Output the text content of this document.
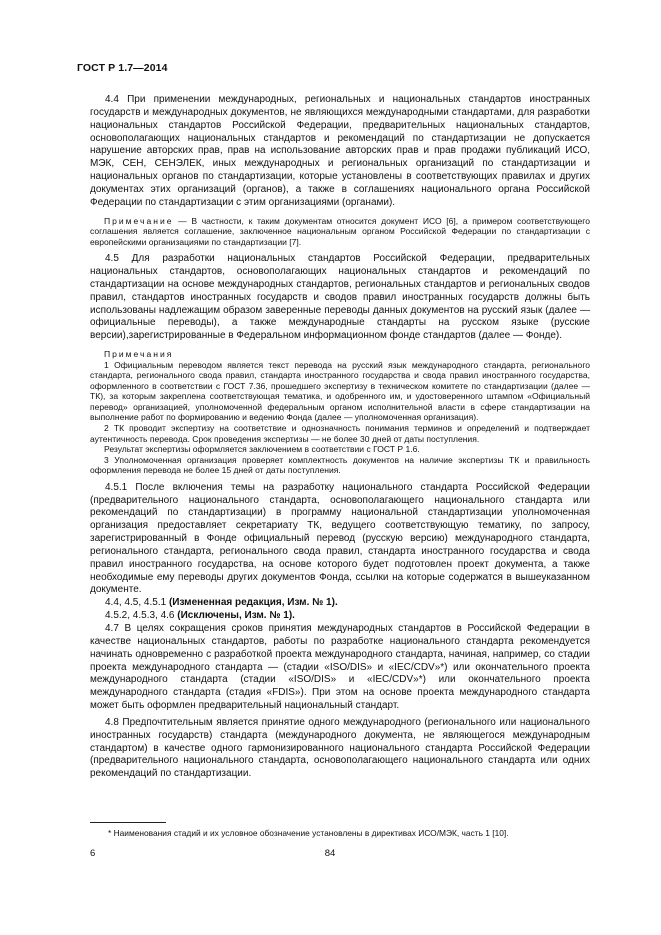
ГОСТ Р 1.7—2014

4.4 При применении международных, региональных и национальных стандартов иностранных государств и международных документов, не являющихся международными стандартами, для разработки национальных стандартов Российской Федерации, предварительных национальных стандартов, основополагающих национальных стандартов и рекомендаций по стандартизации не допускается нарушение авторских прав, прав на использование авторских прав и прав продажи публикаций ИСО, МЭК, СЕН, СЕНЭЛЕК, иных международных и региональных организаций по стандартизации и национальных органов по стандартизации, которые установлены в соответствующих правилах и других документах этих организаций (органов), а также в соглашениях национального органа Российской Федерации по стандартизации с этим организациями (органами).

Примечание — В частности, к таким документам относится документ ИСО [6], а примером соответствующего соглашения является соглашение, заключенное национальным органом Российской Федерации по стандартизации с европейскими организациями по стандартизации [7].

4.5 Для разработки национальных стандартов Российской Федерации, предварительных национальных стандартов, основополагающих национальных стандартов и рекомендаций по стандартизации на основе международных стандартов, региональных стандартов и региональных сводов правил, стандартов иностранных государств и сводов правил иностранных государств должны быть использованы надлежащим образом заверенные переводы данных документов на русский язык (далее — официальные переводы), а также международные стандарты на русском языке (русские версии),зарегистрированные в Федеральном информационном фонде стандартов (далее — Фонде).

Примечания

1 Официальным переводом является текст перевода на русский язык международного стандарта, регионального стандарта, регионального свода правил, стандарта иностранного государства и свода правил иностранного государства, оформленного в соответствии с ГОСТ 7.36, прошедшего экспертизу в техническом комитете по стандартизации (далее — ТК), за которым закреплена соответствующая тематика, и одобренного им, и удостоверенного штампом «Официальный перевод» организацией, уполномоченной федеральным органом исполнительной власти в сфере стандартизации на выполнение работ по формированию и ведению Фонда (далее — уполномоченная организация).

2 ТК проводит экспертизу на соответствие и однозначность понимания терминов и определений и подтверждает аутентичность перевода. Срок проведения экспертизы — не более 30 дней от даты поступления.

Результат экспертизы оформляется заключением в соответствии с ГОСТ Р 1.6.

3 Уполномоченная организация проверяет комплектность документов на наличие экспертизы ТК и правильность оформления перевода не более 15 дней от даты поступления.

4.5.1 После включения темы на разработку национального стандарта Российской Федерации (предварительного национального стандарта, основополагающего национального стандарта или рекомендаций по стандартизации) в программу национальной стандартизации уполномоченная организация предоставляет секретариату ТК, ведущего соответствующую тематику, по запросу, зарегистрированный в Фонде официальный перевод (русскую версию) международного стандарта, регионального стандарта, регионального свода правил, стандарта иностранного государства и свода правил иностранного государства, на основе которого будет подготовлен проект документа, а также необходимые ему переводы других документов Фонда, ссылки на которые содержатся в вышеуказанном документе.

4.4, 4.5, 4.5.1 (Измененная редакция, Изм. № 1).

4.5.2, 4.5.3, 4.6 (Исключены, Изм. № 1).

4.7 В целях сокращения сроков принятия международных стандартов в Российской Федерации в качестве национальных стандартов, работы по разработке национального стандарта рекомендуется начинать одновременно с разработкой проекта международного стандарта, начиная, например, со стадии проекта международного стандарта — (стадии «ISO/DIS» и «IEC/CDV»*) или окончательного проекта международного стандарта (стадии «ISO/DIS» и «IEC/CDV»*) или окончательного проекта международного стандарта (стадия «FDIS»). При этом на основе проекта международного стандарта может быть оформлен предварительный национальный стандарт.

4.8 Предпочтительным является принятие одного международного (регионального или национального иностранных государств) стандарта (международного документа, не являющегося международным стандартом) в качестве одного гармонизированного национального стандарта Российской Федерации (предварительного национального стандарта, основополагающего национального стандарта или одних рекомендаций по стандартизации.

* Наименования стадий и их условное обозначение установлены в директивах ИСО/МЭК, часть 1 [10].
6	84
